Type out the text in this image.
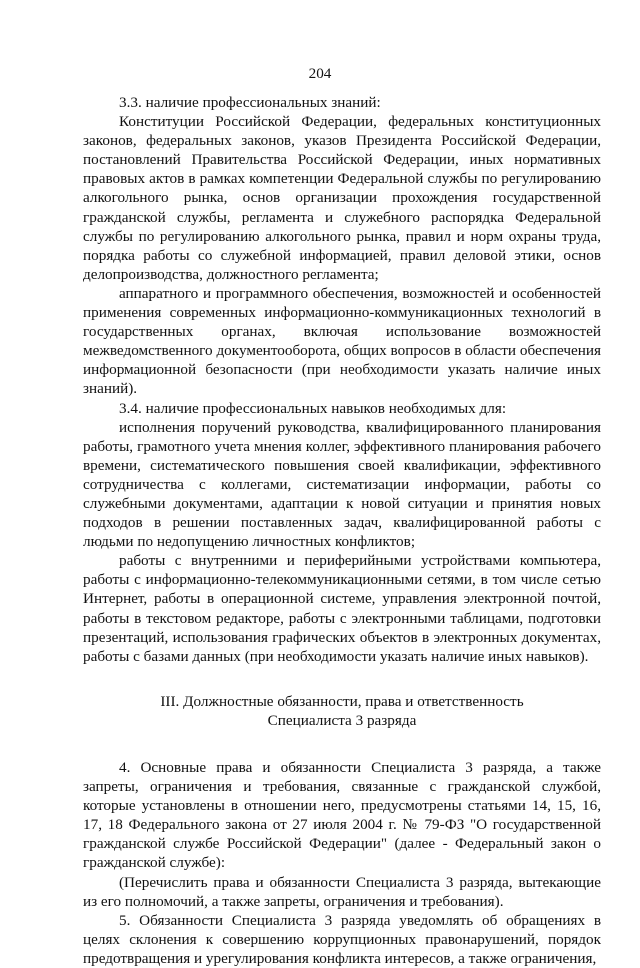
204

3.3. наличие профессиональных знаний:

Конституции Российской Федерации, федеральных конституционных законов, федеральных законов, указов Президента Российской Федерации, постановлений Правительства Российской Федерации, иных нормативных правовых актов в рамках компетенции Федеральной службы по регулированию алкогольного рынка, основ организации прохождения государственной гражданской службы, регламента и служебного распорядка Федеральной службы по регулированию алкогольного рынка, правил и норм охраны труда, порядка работы со служебной информацией, правил деловой этики, основ делопроизводства, должностного регламента;

аппаратного и программного обеспечения, возможностей и особенностей применения современных информационно-коммуникационных технологий в государственных органах, включая использование возможностей межведомственного документооборота, общих вопросов в области обеспечения информационной безопасности (при необходимости указать наличие иных знаний).

3.4. наличие профессиональных навыков необходимых для:

исполнения поручений руководства, квалифицированного планирования работы, грамотного учета мнения коллег, эффективного планирования рабочего времени, систематического повышения своей квалификации, эффективного сотрудничества с коллегами, систематизации информации, работы со служебными документами, адаптации к новой ситуации и принятия новых подходов в решении поставленных задач, квалифицированной работы с людьми по недопущению личностных конфликтов;

работы с внутренними и периферийными устройствами компьютера, работы с информационно-телекоммуникационными сетями, в том числе сетью Интернет, работы в операционной системе, управления электронной почтой, работы в текстовом редакторе, работы с электронными таблицами, подготовки презентаций, использования графических объектов в электронных документах, работы с базами данных (при необходимости указать наличие иных навыков).

III. Должностные обязанности, права и ответственность
Специалиста 3 разряда

4. Основные права и обязанности Специалиста 3 разряда, а также запреты, ограничения и требования, связанные с гражданской службой, которые установлены в отношении него, предусмотрены статьями 14, 15, 16, 17, 18 Федерального закона от 27 июля 2004 г. № 79-ФЗ "О государственной гражданской службе Российской Федерации" (далее - Федеральный закон о гражданской службе):

(Перечислить права и обязанности Специалиста 3 разряда, вытекающие из его полномочий, а также запреты, ограничения и требования).

5. Обязанности Специалиста 3 разряда уведомлять об обращениях в целях склонения к совершению коррупционных правонарушений, порядок предотвращения и урегулирования конфликта интересов, а также ограничения,
